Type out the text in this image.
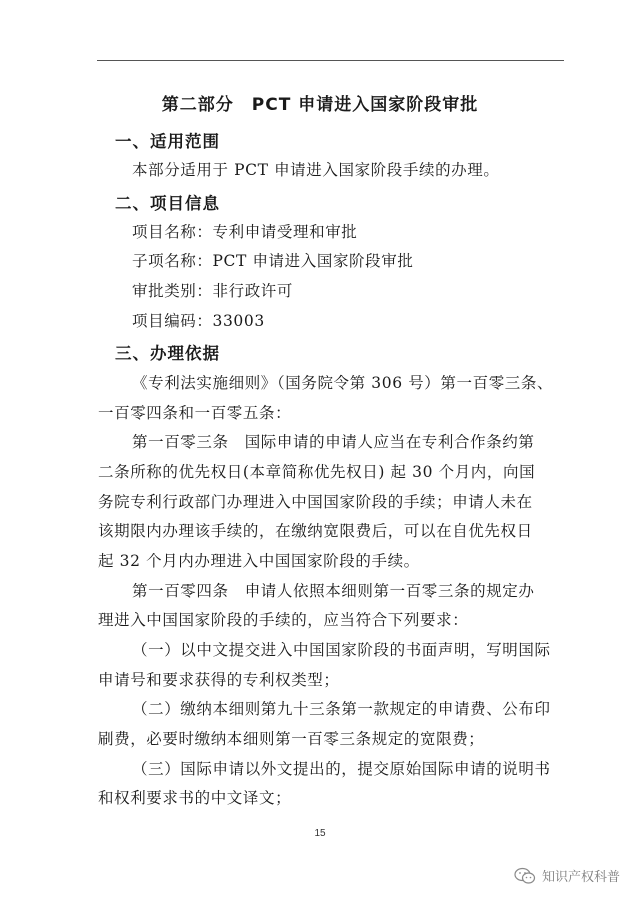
第二部分　PCT 申请进入国家阶段审批
一、适用范围
本部分适用于 PCT 申请进入国家阶段手续的办理。
二、项目信息
项目名称：专利申请受理和审批
子项名称：PCT 申请进入国家阶段审批
审批类别：非行政许可
项目编码：33003
三、办理依据
《专利法实施细则》（国务院令第 306 号）第一百零三条、
一百零四条和一百零五条：
第一百零三条　国际申请的申请人应当在专利合作条约第
二条所称的优先权日(本章简称优先权日) 起 30 个月内，向国
务院专利行政部门办理进入中国国家阶段的手续；申请人未在
该期限内办理该手续的，在缴纳宽限费后，可以在自优先权日
起 32 个月内办理进入中国国家阶段的手续。
第一百零四条　申请人依照本细则第一百零三条的规定办
理进入中国国家阶段的手续的，应当符合下列要求：
（一）以中文提交进入中国国家阶段的书面声明，写明国际
申请号和要求获得的专利权类型；
（二）缴纳本细则第九十三条第一款规定的申请费、公布印
刷费，必要时缴纳本细则第一百零三条规定的宽限费；
（三）国际申请以外文提出的，提交原始国际申请的说明书
和权利要求书的中文译文；
15
知识产权科普
